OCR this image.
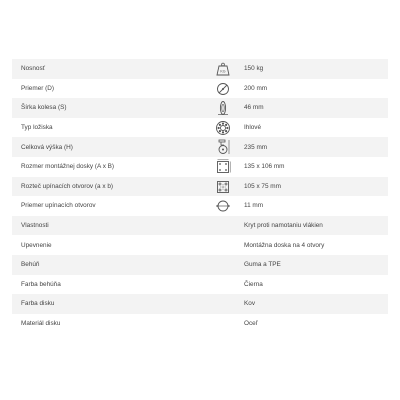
Nosnosť	KG	150 kg
Priemer (D)	200 mm
Šírka kolesa (S)	46 mm
Typ ložiska	Ihlové
Celková výška (H)	235 mm
Rozmer montážnej dosky (A x B)	135 x 106 mm
Rozteč upínacích otvorov (a x b)	105 x 75 mm
Priemer upínacích otvorov	11 mm
Vlastnosti	Kryt proti namotaniu vlákien
Upevnenie	Montážna doska na 4 otvory
Behúň	Guma a TPE
Farba behúňa	Čierna
Farba disku	Kov
Materiál disku	Oceľ
